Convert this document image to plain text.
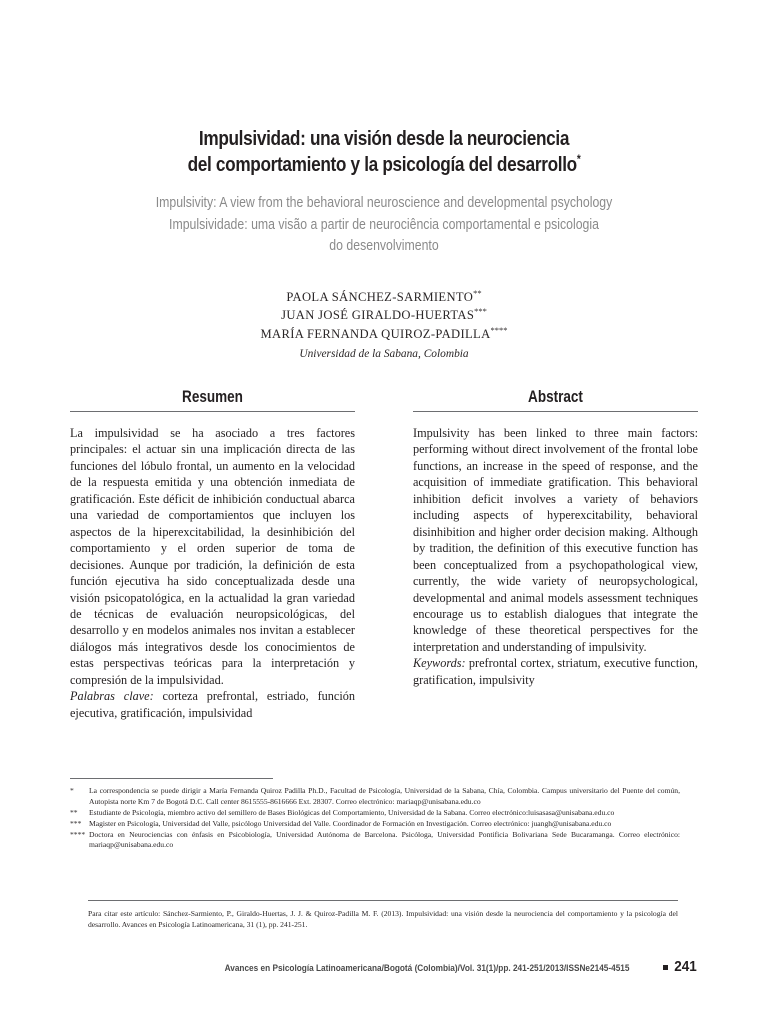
Impulsividad: una visión desde la neurociencia
del comportamiento y la psicología del desarrollo*
Impulsivity: A view from the behavioral neuroscience and developmental psychology
Impulsividade: uma visão a partir de neurociência comportamental e psicologia
do desenvolvimento
PAOLA SÁNCHEZ-SARMIENTO**
JUAN JOSÉ GIRALDO-HUERTAS***
MARÍA FERNANDA QUIROZ-PADILLA****
Universidad de la Sabana, Colombia
Resumen

La impulsividad se ha asociado a tres factores principales: el actuar sin una implicación directa de las funciones del lóbulo frontal, un aumento en la velocidad de la respuesta emitida y una obtención inmediata de gratificación. Este déficit de inhibición conductual abarca una variedad de comportamientos que incluyen los aspectos de la hiperexcitabilidad, la desinhibición del comportamiento y el orden superior de toma de decisiones. Aunque por tradición, la definición de esta función ejecutiva ha sido conceptualizada desde una visión psicopatológica, en la actualidad la gran variedad de técnicas de evaluación neuropsicológicas, del desarrollo y en modelos animales nos invitan a establecer diálogos más integrativos desde los conocimientos de estas perspectivas teóricas para la interpretación y compresión de la impulsividad.

Palabras clave: corteza prefrontal, estriado, función ejecutiva, gratificación, impulsividad

Abstract

Impulsivity has been linked to three main factors: performing without direct involvement of the frontal lobe functions, an increase in the speed of response, and the acquisition of immediate gratification. This behavioral inhibition deficit involves a variety of behaviors including aspects of hyperexcitability, behavioral disinhibition and higher order decision making. Although by tradition, the definition of this executive function has been conceptualized from a psychopathological view, currently, the wide variety of neuropsychological, developmental and animal models assessment techniques encourage us to establish dialogues that integrate the knowledge of these theoretical perspectives for the interpretation and understanding of impulsivity.

Keywords: prefrontal cortex, striatum, executive function, gratification, impulsivity

*	La correspondencia se puede dirigir a María Fernanda Quiroz Padilla Ph.D., Facultad de Psicología, Universidad de la Sabana, Chía, Colombia. Campus universitario del Puente del común, Autopista norte Km 7 de Bogotá D.C. Call center 8615555-8616666 Ext. 28307. Correo electrónico: mariaqp@unisabana.edu.co
**	Estudiante de Psicología, miembro activo del semillero de Bases Biológicas del Comportamiento, Universidad de la Sabana. Correo electrónico:luisasasa@unisabana.edu.co
***	Magister en Psicología, Universidad del Valle, psicólogo Universidad del Valle. Coordinador de Formación en Investigación. Correo electrónico: juangh@unisabana.edu.co
**** Doctora en Neurociencias con énfasis en Psicobiología, Universidad Autónoma de Barcelona. Psicóloga, Universidad Pontificia Bolivariana Sede Bucaramanga. Correo electrónico: mariaqp@unisabana.edu.co
Para citar este artículo: Sánchez-Sarmiento, P., Giraldo-Huertas, J. J. & Quiroz-Padilla M. F. (2013). Impulsividad: una visión desde la neurociencia del comportamiento y la psicología del desarrollo. Avances en Psicología Latinoamericana, 31 (1), pp. 241-251.
Avances en Psicología Latinoamericana/Bogotá (Colombia)/Vol. 31(1)/pp. 241-251/2013/ISSNe2145-4515	241
